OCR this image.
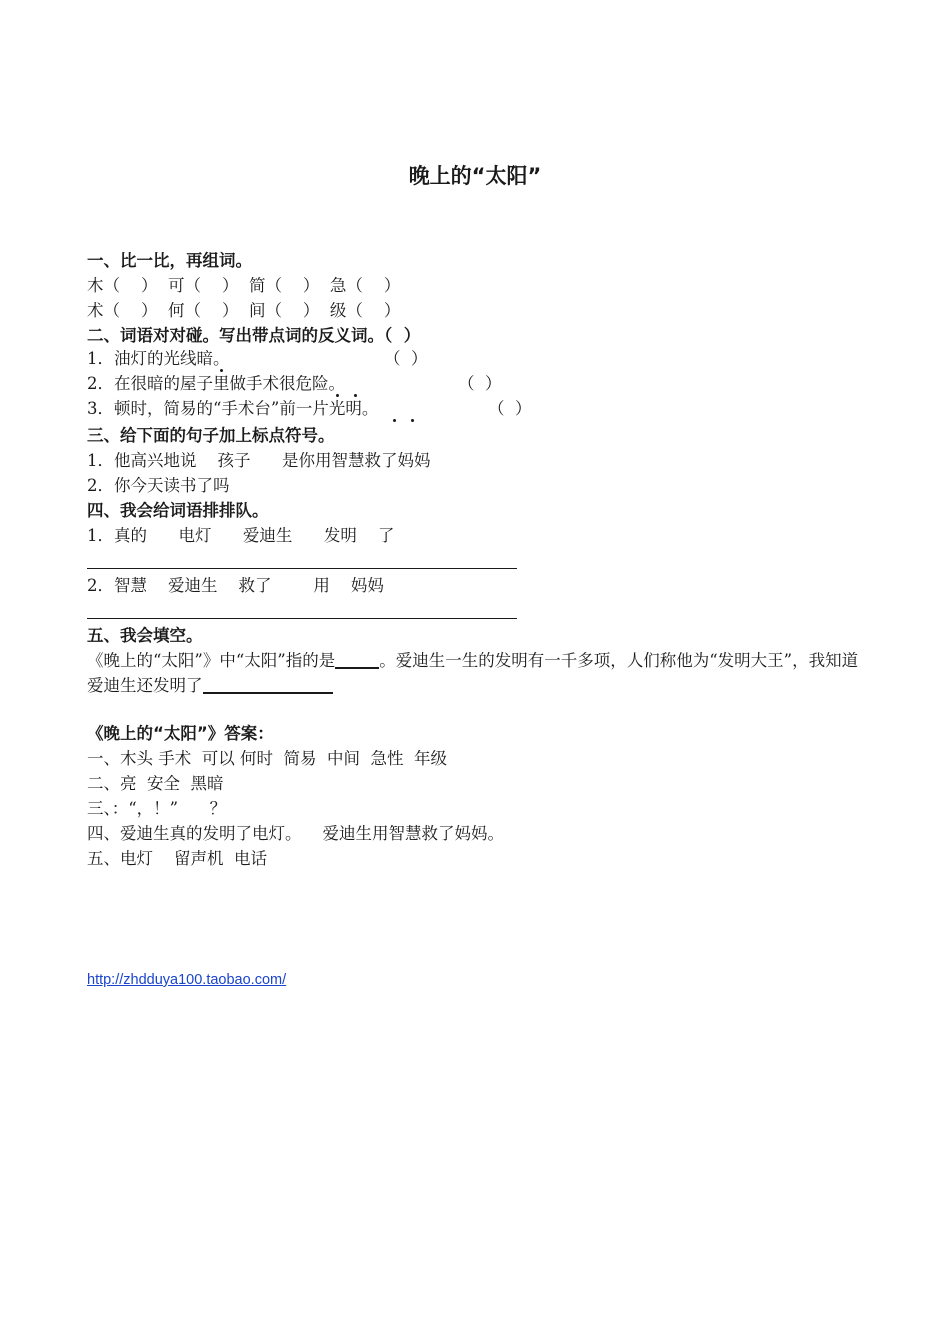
晚上的“太阳”
一、比一比，再组词。
木（    ）  可（    ）  简（    ）  急（    ）
术（    ）  何（    ）  间（    ）  级（    ）
二、词语对对碰。写出带点词的反义词。（  ）
1．油灯的光线暗。	（  ）
2．在很暗的屋子里做手术很危险。	（  ）
3．顿时，简易的“手术台”前一片光明。	（  ）
三、给下面的句子加上标点符号。
1．他高兴地说    孩子      是你用智慧救了妈妈
2．你今天读书了吗
四、我会给词语排排队。
1．真的      电灯      爱迪生      发明    了
2．智慧    爱迪生    救了        用    妈妈
五、我会填空。
《晚上的“太阳”》中“太阳”指的是	。爱迪生一生的发明有一千多项，人们称他为“发明大王”，我知道爱迪生还发明了
《晚上的“太阳”》答案：
一、木头 手术  可以 何时  简易  中间  急性  年级
二、亮  安全  黑暗
三、：“，！”      ？
四、爱迪生真的发明了电灯。    爱迪生用智慧救了妈妈。
五、电灯    留声机  电话
http://zhdduya100.taobao.com/
